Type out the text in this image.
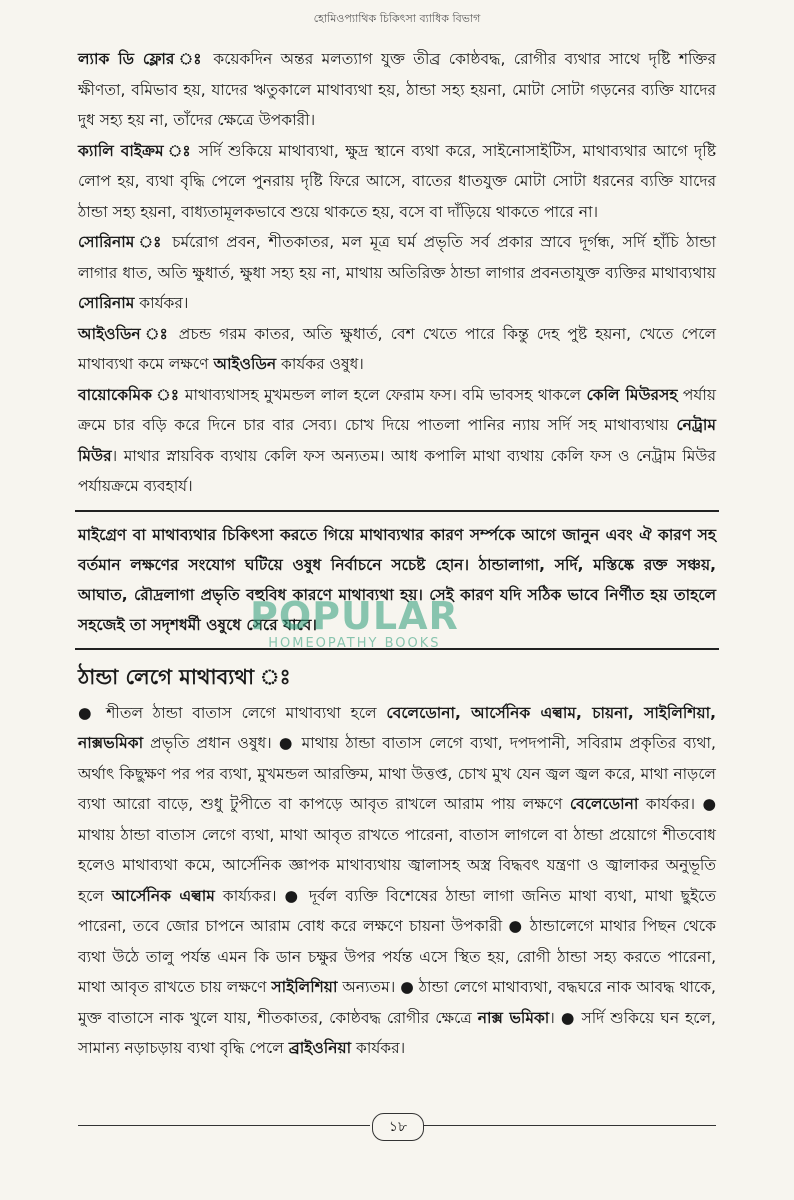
হোমিওপ্যাথিক চিকিৎসা ব্যাধিক বিভাগ

ল্যাক ডি ফ্লোর ঃ কয়েকদিন অন্তর মলত্যাগ যুক্ত তীব্র কোষ্ঠবদ্ধ, রোগীর ব্যথার সাথে দৃষ্টি শক্তির ক্ষীণতা, বমিভাব হয়, যাদের ঋতুকালে মাথাব্যথা হয়, ঠান্ডা সহ্য হয়না, মোটা সোটা গড়নের ব্যক্তি যাদের দুধ সহ্য হয় না, তাঁদের ক্ষেত্রে উপকারী।

ক্যালি বাইক্রম ঃ সর্দি শুকিয়ে মাথাব্যথা, ক্ষুদ্র স্থানে ব্যথা করে, সাইনোসাইটিস, মাথাব্যথার আগে দৃষ্টি লোপ হয়, ব্যথা বৃদ্ধি পেলে পুনরায় দৃষ্টি ফিরে আসে, বাতের ধাতযুক্ত মোটা সোটা ধরনের ব্যক্তি যাদের ঠান্ডা সহ্য হয়না, বাধ্যতামূলকভাবে শুয়ে থাকতে হয়, বসে বা দাঁড়িয়ে থাকতে পারে না।

সোরিনাম ঃ চর্মরোগ প্রবন, শীতকাতর, মল মূত্র ঘর্ম প্রভৃতি সর্ব প্রকার স্রাবে দূর্গন্ধ, সর্দি হাঁচি ঠান্ডা লাগার ধাত, অতি ক্ষুধার্ত, ক্ষুধা সহ্য হয় না, মাথায় অতিরিক্ত ঠান্ডা লাগার প্রবনতাযুক্ত ব্যক্তির মাথাব্যথায় সোরিনাম কার্যকর।

আইওডিন ঃ প্রচন্ড গরম কাতর, অতি ক্ষুধার্ত, বেশ খেতে পারে কিন্তু দেহ পুষ্ট হয়না, খেতে পেলে মাথাব্যথা কমে লক্ষণে আইওডিন কার্যকর ওষুধ।

বায়োকেমিক ঃ মাথাব্যথাসহ মুখমন্ডল লাল হলে ফেরাম ফস। বমি ভাবসহ থাকলে কেলি মিউরসহ পর্যায় ক্রমে চার বড়ি করে দিনে চার বার সেব্য। চোখ দিয়ে পাতলা পানির ন্যায় সর্দি সহ মাথাব্যথায় নেট্রাম মিউর। মাথার স্নায়বিক ব্যথায় কেলি ফস অন্যতম। আধ কপালি মাথা ব্যথায় কেলি ফস ও নেট্রাম মিউর পর্যায়ক্রমে ব্যবহার্য।

মাইগ্রেণ বা মাথাব্যথার চিকিৎসা করতে গিয়ে মাথাব্যথার কারণ সর্ম্পকে আগে জানুন এবং ঐ কারণ সহ বর্তমান লক্ষণের সংযোগ ঘটিয়ে ওষুধ নির্বাচনে সচেষ্ট হোন। ঠান্ডালাগা, সর্দি, মস্তিষ্কে রক্ত সঞ্চয়, আঘাত, রৌদ্রলাগা প্রভৃতি বহুবিধ কারণে মাথাব্যথা হয়। সেই কারণ যদি সঠিক ভাবে নির্ণীত হয় তাহলে সহজেই তা সদৃশধর্মী ওষুধে সেরে যাবে।

ঠান্ডা লেগে মাথাব্যথা ঃ

● শীতল ঠান্ডা বাতাস লেগে মাথাব্যথা হলে বেলেডোনা, আর্সেনিক এল্বাম, চায়না, সাইলিশিয়া, নাক্সভমিকা প্রভৃতি প্রধান ওষুধ। ● মাথায় ঠান্ডা বাতাস লেগে ব্যথা, দপদপানী, সবিরাম প্রকৃতির ব্যথা, অর্থাৎ কিছুক্ষণ পর পর ব্যথা, মুখমন্ডল আরক্তিম, মাথা উত্তপ্ত, চোখ মুখ যেন জ্বল জ্বল করে, মাথা নাড়লে ব্যথা আরো বাড়ে, শুধু টুপীতে বা কাপড়ে আবৃত রাখলে আরাম পায় লক্ষণে বেলেডোনা কার্যকর। ● মাথায় ঠান্ডা বাতাস লেগে ব্যথা, মাথা আবৃত রাখতে পারেনা, বাতাস লাগলে বা ঠান্ডা প্রয়োগে শীতবোধ হলেও মাথাব্যথা কমে, আর্সেনিক জ্ঞাপক মাথাব্যথায় জ্বালাসহ অস্ত্র বিদ্ধবৎ যন্ত্রণা ও জ্বালাকর অনুভূতি হলে আর্সেনিক এল্বাম কার্য্যকর। ● দূর্বল ব্যক্তি বিশেষের ঠান্ডা লাগা জনিত মাথা ব্যথা, মাথা ছুইতে পারেনা, তবে জোর চাপনে আরাম বোধ করে লক্ষণে চায়না উপকারী ● ঠান্ডালেগে মাথার পিছন থেকে ব্যথা উঠে তালু পর্যন্ত এমন কি ডান চক্ষুর উপর পর্যন্ত এসে স্থিত হয়, রোগী ঠান্ডা সহ্য করতে পারেনা, মাথা আবৃত রাখতে চায় লক্ষণে সাইলিশিয়া অন্যতম। ● ঠান্ডা লেগে মাথাব্যথা, বদ্ধঘরে নাক আবদ্ধ থাকে, মুক্ত বাতাসে নাক খুলে যায়, শীতকাতর, কোষ্ঠবদ্ধ রোগীর ক্ষেত্রে নাক্স ভমিকা। ● সর্দি শুকিয়ে ঘন হলে, সামান্য নড়াচড়ায় ব্যথা বৃদ্ধি পেলে ব্রাইওনিয়া কার্যকর।

POPULAR
HOMEOPATHY BOOKS
১৮
